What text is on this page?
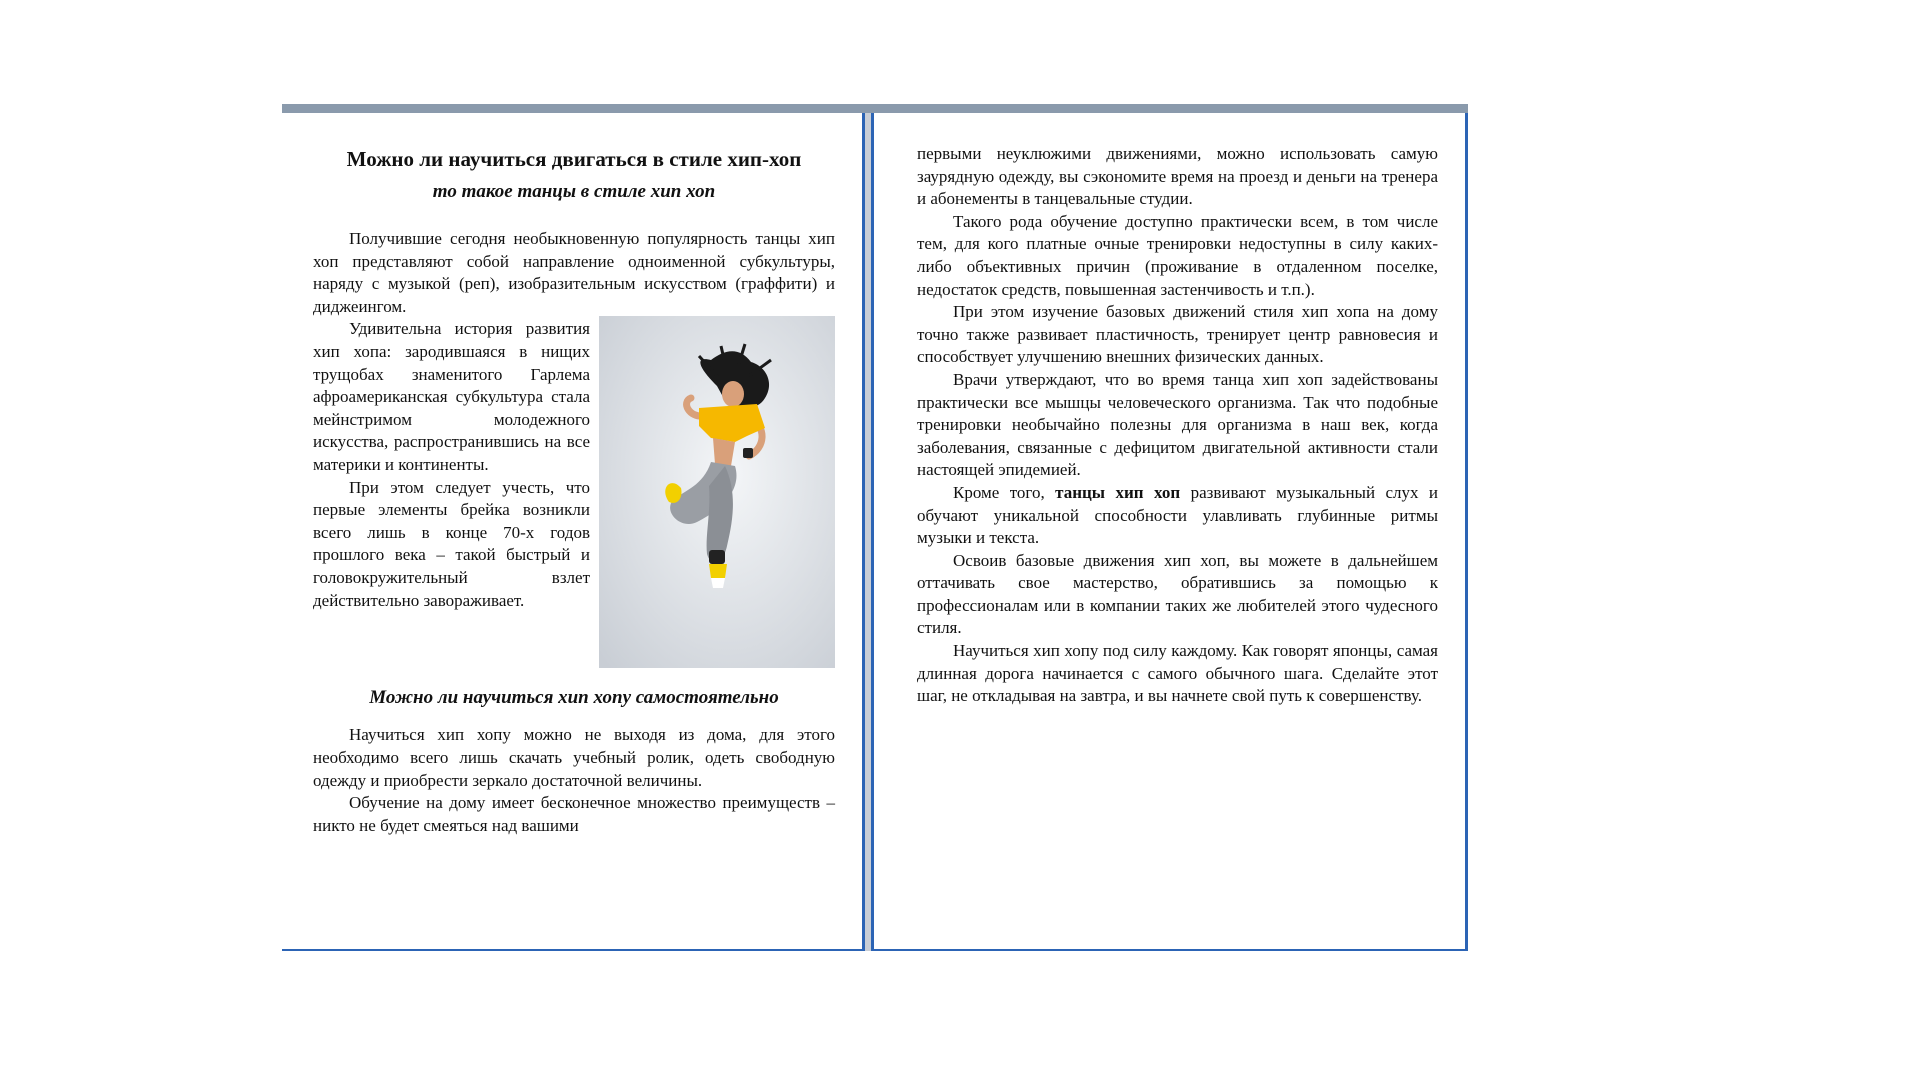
Можно ли научиться двигаться в стиле хип-хоп
то такое танцы в стиле хип хоп

Получившие сегодня необыкновенную популярность танцы хип хоп представляют собой направление одноименной субкультуры, наряду с музыкой (реп), изобразительным искусством (граффити) и диджеингом.

Удивительна история развития хип хопа: зародившаяся в нищих трущобах знаменитого Гарлема афроамериканская субкультура стала мейнстримом молодежного искусства, распространившись на все материки и континенты.

При этом следует учесть, что первые элементы брейка возникли всего лишь в конце 70-х годов прошлого века – такой быстрый и головокружительный взлет действительно завораживает.

Можно ли научиться хип хопу самостоятельно

Научиться хип хопу можно не выходя из дома, для этого необходимо всего лишь скачать учебный ролик, одеть свободную одежду и приобрести зеркало достаточной величины.

Обучение на дому имеет бесконечное множество преимуществ – никто не будет смеяться над вашими

первыми неуклюжими движениями, можно использовать самую заурядную одежду, вы сэкономите время на проезд и деньги на тренера и абонементы в танцевальные студии.

Такого рода обучение доступно практически всем, в том числе тем, для кого платные очные тренировки недоступны в силу каких-либо объективных причин (проживание в отдаленном поселке, недостаток средств, повышенная застенчивость и т.п.).

При этом изучение базовых движений стиля хип хопа на дому точно также развивает пластичность, тренирует центр равновесия и способствует улучшению внешних физических данных.

Врачи утверждают, что во время танца хип хоп задействованы практически все мышцы человеческого организма. Так что подобные тренировки необычайно полезны для организма в наш век, когда заболевания, связанные с дефицитом двигательной активности стали настоящей эпидемией.

Кроме того, танцы хип хоп развивают музыкальный слух и обучают уникальной способности улавливать глубинные ритмы музыки и текста.

Освоив базовые движения хип хоп, вы можете в дальнейшем оттачивать свое мастерство, обратившись за помощью к профессионалам или в компании таких же любителей этого чудесного стиля.

Научиться хип хопу под силу каждому. Как говорят японцы, самая длинная дорога начинается с самого обычного шага. Сделайте этот шаг, не откладывая на завтра, и вы начнете свой путь к совершенству.
